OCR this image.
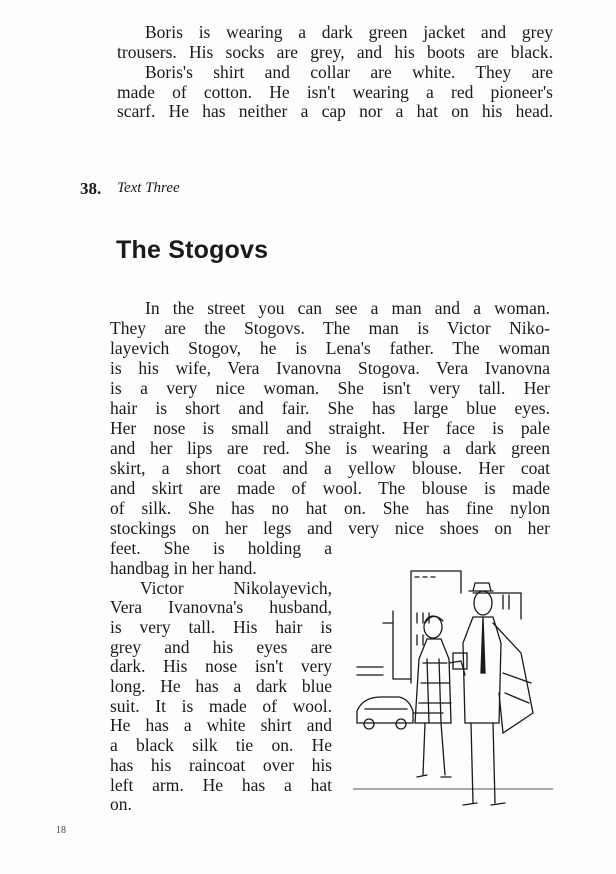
Boris is wearing a dark green jacket and grey
trousers. His socks are grey, and his boots are black.
Boris's shirt and collar are white. They are
made of cotton. He isn't wearing a red pioneer's
scarf. He has neither a cap nor a hat on his head.
38. Text Three
The Stogovs
In the street you can see a man and a woman.
They are the Stogovs. The man is Victor Niko-
layevich Stogov, he is Lena's father. The woman
is his wife, Vera Ivanovna Stogova. Vera Ivanovna
is a very nice woman. She isn't very tall. Her
hair is short and fair. She has large blue eyes.
Her nose is small and straight. Her face is pale
and her lips are red. She is wearing a dark green
skirt, a short coat and a yellow blouse. Her coat
and skirt are made of wool. The blouse is made
of silk. She has no hat on. She has fine nylon
stockings on her legs and very nice shoes on her
feet. She is holding a
handbag in her hand.
Victor Nikolayevich,
Vera Ivanovna's husband,
is very tall. His hair is
grey and his eyes are
dark. His nose isn't very
long. He has a dark blue
suit. It is made of wool.
He has a white shirt and
a black silk tie on. He
has his raincoat over his
left arm. He has a hat
on.
18
